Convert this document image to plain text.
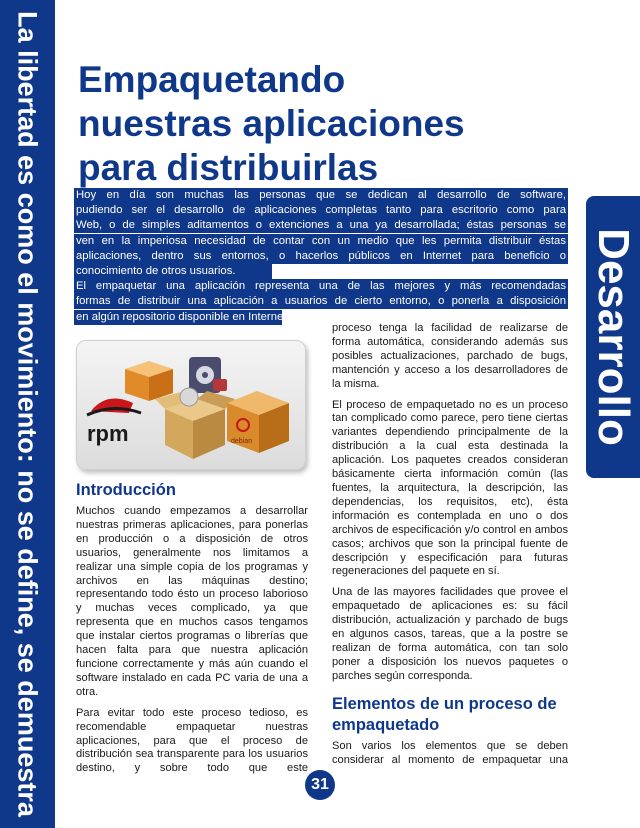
La libertad es como el movimiento: no se define, se demuestra	Desarrollo
Empaquetando
nuestras aplicaciones
para distribuirlas

Hoy en día son muchas las personas que se dedican al desarrollo de software,

pudiendo ser el desarrollo de aplicaciones completas tanto para escritorio como para

Web, o de simples aditamentos o extenciones a una ya desarrollada; éstas personas se

ven en la imperiosa necesidad de contar con un medio que les permita distribuir éstas

aplicaciones, dentro sus entornos, o hacerlos públicos en Internet para beneficio o

conocimiento de otros usuarios.

El empaquetar una aplicación representa una de las mejores y más recomendadas

formas de distribuir una aplicación a usuarios de cierto entorno, o ponerla a disposición

en algún repositorio disponible en Internet.

rpm	debian
Introducción

Muchos cuando empezamos a desarrollar nuestras primeras aplicaciones, para ponerlas en producción o a disposición de otros usuarios, generalmente nos limitamos a realizar una simple copia de los programas y archivos en las máquinas destino; representando todo ésto un proceso laborioso y muchas veces complicado, ya que representa que en muchos casos tengamos que instalar ciertos programas o librerías que hacen falta para que nuestra aplicación funcione correctamente y más aún cuando el software instalado en cada PC varia de una a otra.

Para evitar todo este proceso tedioso, es recomendable empaquetar nuestras aplicaciones, para que el proceso de distribución sea transparente para los usuarios destino, y sobre todo que este

proceso tenga la facilidad de realizarse de forma automática, considerando además sus posibles actualizaciones, parchado de bugs, mantención y acceso a los desarrolladores de la misma.

El proceso de empaquetado no es un proceso tan complicado como parece, pero tiene ciertas variantes dependiendo principalmente de la distribución a la cual esta destinada la aplicación. Los paquetes creados consideran básicamente cierta información común (las fuentes, la arquitectura, la descripción, las dependencias, los requisitos, etc), ésta información es contemplada en uno o dos archivos de especificación y/o control en ambos casos; archivos que son la principal fuente de descripción y especificación para futuras regeneraciones del paquete en sí.

Una de las mayores facilidades que provee el empaquetado de aplicaciones es: su fácil distribución, actualización y parchado de bugs en algunos casos, tareas, que a la postre se realizan de forma automática, con tan solo poner a disposición los nuevos paquetes o parches según corresponda.

Elementos de un proceso de empaquetado

Son varios los elementos que se deben considerar al momento de empaquetar una

31
